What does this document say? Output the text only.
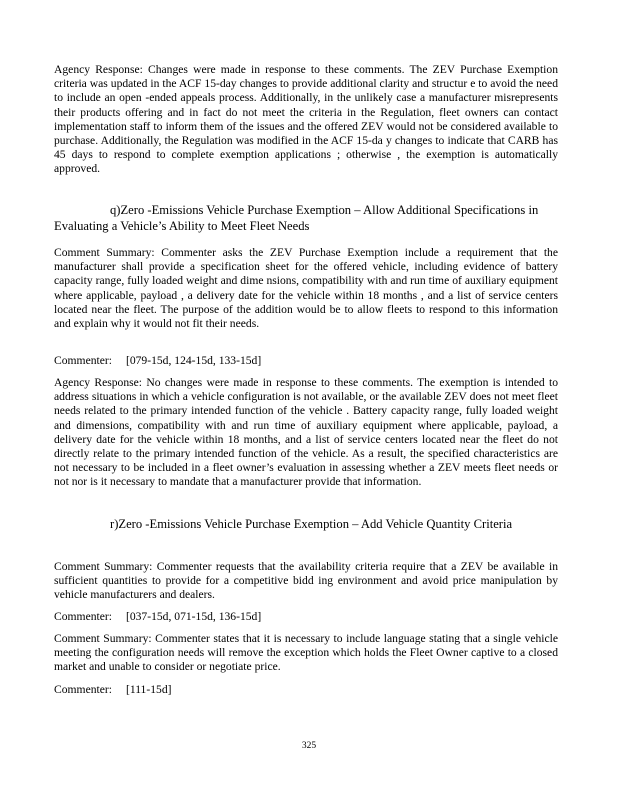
Agency Response: Changes were made in response to these comments. The ZEV Purchase Exemption criteria was updated in the ACF 15-day changes to provide additional clarity and structur e to avoid the need to include an open -ended appeals process. Additionally, in the unlikely case a manufacturer misrepresents their products offering and in fact do not meet the criteria in the Regulation, fleet owners can contact implementation staff to inform them of the issues and the offered ZEV would not be considered available to purchase. Additionally, the Regulation was modified in the ACF 15-da y changes to indicate that CARB has 45 days to respond to complete exemption applications ; otherwise , the exemption is automatically approved.

q)Zero -Emissions Vehicle Purchase Exemption – Allow Additional Specifications in Evaluating a Vehicle’s Ability to Meet Fleet Needs

Comment Summary: Commenter asks the ZEV Purchase Exemption include a requirement that the manufacturer shall provide a specification sheet for the offered vehicle, including evidence of battery capacity range, fully loaded weight and dime nsions, compatibility with and run time of auxiliary equipment where applicable, payload , a delivery date for the vehicle within 18 months , and a list of service centers located near the fleet. The purpose of the addition would be to allow fleets to respond to this information and explain why it would not fit their needs.

Commenter: [079-15d, 124-15d, 133-15d]

Agency Response: No changes were made in response to these comments. The exemption is intended to address situations in which a vehicle configuration is not available, or the available ZEV does not meet fleet needs related to the primary intended function of the vehicle . Battery capacity range, fully loaded weight and dimensions, compatibility with and run time of auxiliary equipment where applicable, payload, a delivery date for the vehicle within 18 months, and a list of service centers located near the fleet do not directly relate to the primary intended function of the vehicle. As a result, the specified characteristics are not necessary to be included in a fleet owner’s evaluation in assessing whether a ZEV meets fleet needs or not nor is it necessary to mandate that a manufacturer provide that information.

r)Zero -Emissions Vehicle Purchase Exemption – Add Vehicle Quantity Criteria

Comment Summary: Commenter requests that the availability criteria require that a ZEV be available in sufficient quantities to provide for a competitive bidd ing environment and avoid price manipulation by vehicle manufacturers and dealers.

Commenter: [037-15d, 071-15d, 136-15d]

Comment Summary: Commenter states that it is necessary to include language stating that a single vehicle meeting the configuration needs will remove the exception which holds the Fleet Owner captive to a closed market and unable to consider or negotiate price.

Commenter: [111-15d]

325
